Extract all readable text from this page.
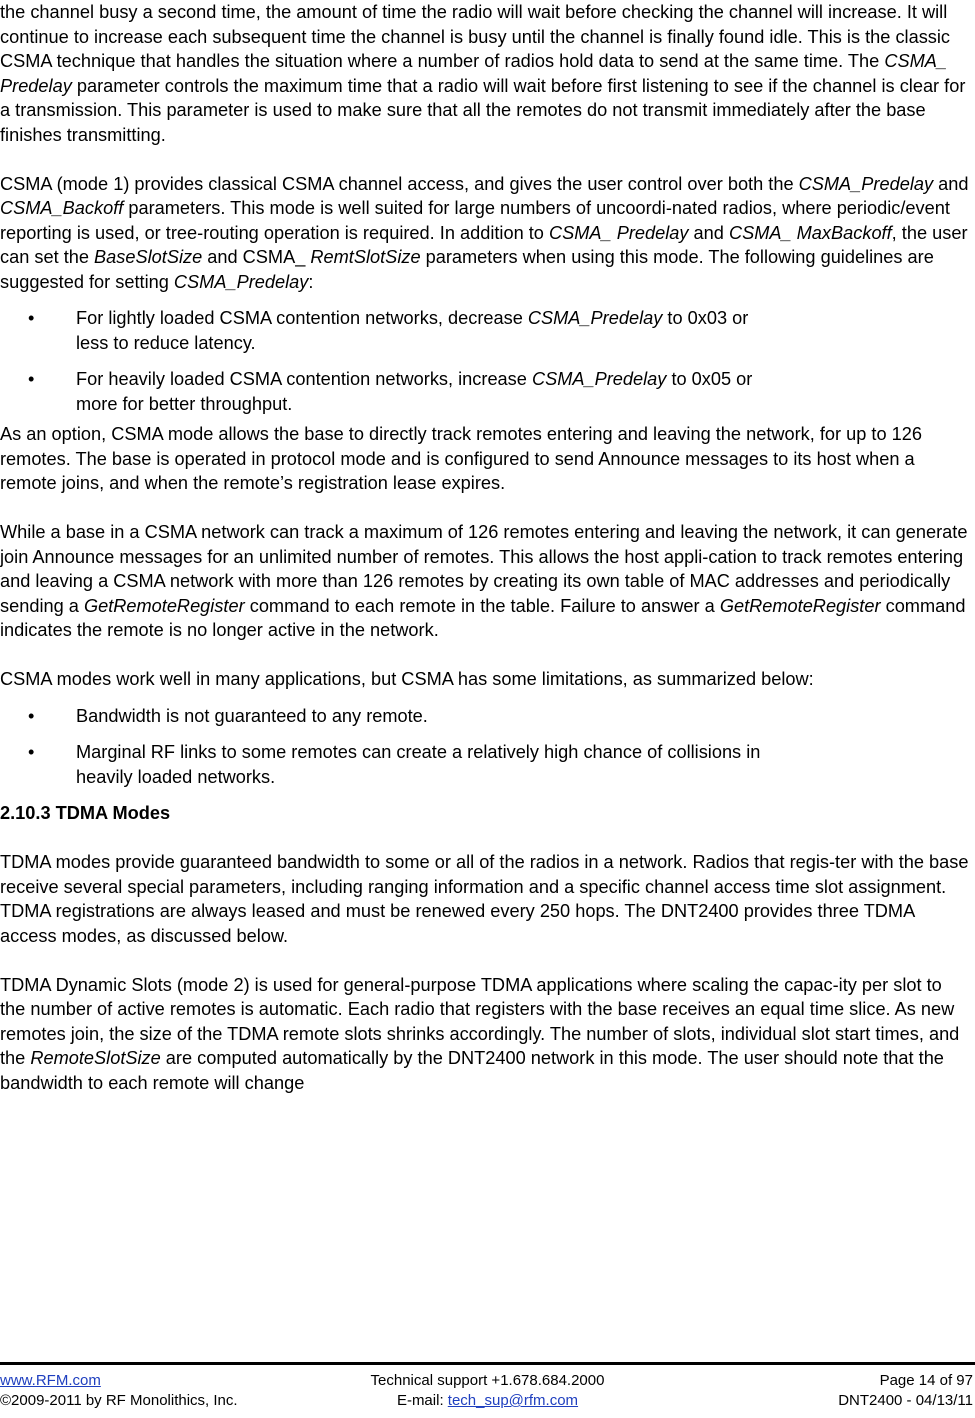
the channel busy a second time, the amount of time the radio will wait before checking the channel will increase. It will continue to increase each subsequent time the channel is busy until the channel is finally found idle. This is the classic CSMA technique that handles the situation where a number of radios hold data to send at the same time. The CSMA_ Predelay parameter controls the maximum time that a radio will wait before first listening to see if the channel is clear for a transmission. This parameter is used to make sure that all the remotes do not transmit immediately after the base finishes transmitting.

CSMA (mode 1) provides classical CSMA channel access, and gives the user control over both the CSMA_Predelay and CSMA_Backoff parameters. This mode is well suited for large numbers of uncoordi-nated radios, where periodic/event reporting is used, or tree-routing operation is required. In addition to CSMA_ Predelay and CSMA_ MaxBackoff, the user can set the BaseSlotSize and CSMA_ RemtSlotSize parameters when using this mode. The following guidelines are suggested for setting CSMA_Predelay:

• For lightly loaded CSMA contention networks, decrease CSMA_Predelay to 0x03 or less to reduce latency.
• For heavily loaded CSMA contention networks, increase CSMA_Predelay to 0x05 or more for better throughput.

As an option, CSMA mode allows the base to directly track remotes entering and leaving the network, for up to 126 remotes. The base is operated in protocol mode and is configured to send Announce messages to its host when a remote joins, and when the remote’s registration lease expires.

While a base in a CSMA network can track a maximum of 126 remotes entering and leaving the network, it can generate join Announce messages for an unlimited number of remotes. This allows the host appli-cation to track remotes entering and leaving a CSMA network with more than 126 remotes by creating its own table of MAC addresses and periodically sending a GetRemoteRegister command to each remote in the table. Failure to answer a GetRemoteRegister command indicates the remote is no longer active in the network.

CSMA modes work well in many applications, but CSMA has some limitations, as summarized below:

• Bandwidth is not guaranteed to any remote.
• Marginal RF links to some remotes can create a relatively high chance of collisions in heavily loaded networks.

2.10.3 TDMA Modes

TDMA modes provide guaranteed bandwidth to some or all of the radios in a network. Radios that regis-ter with the base receive several special parameters, including ranging information and a specific channel access time slot assignment. TDMA registrations are always leased and must be renewed every 250 hops. The DNT2400 provides three TDMA access modes, as discussed below.

TDMA Dynamic Slots (mode 2) is used for general-purpose TDMA applications where scaling the capac-ity per slot to the number of active remotes is automatic. Each radio that registers with the base receives an equal time slice. As new remotes join, the size of the TDMA remote slots shrinks accordingly. The number of slots, individual slot start times, and the RemoteSlotSize are computed automatically by the DNT2400 network in this mode. The user should note that the bandwidth to each remote will change

www.RFM.com
©2009-2011 by RF Monolithics, Inc.
Technical support +1.678.684.2000
E-mail: tech_sup@rfm.com
Page 14 of 97
DNT2400 - 04/13/11
